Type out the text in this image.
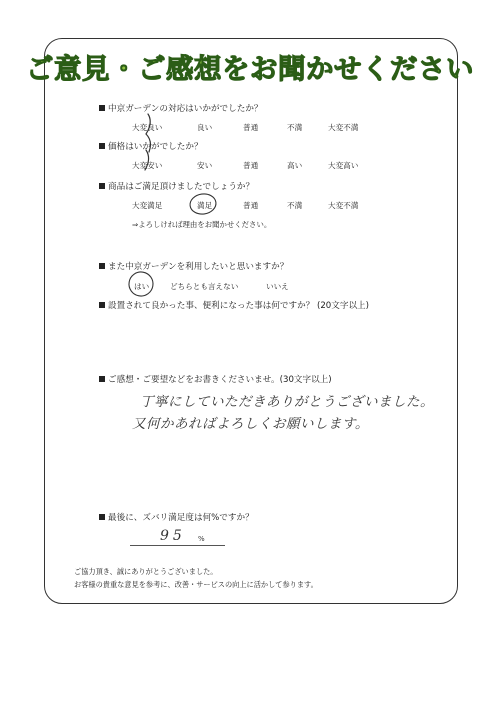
ご意見・ご感想をお聞かせください
中京ガーデンの対応はいかがでしたか？
大変良い	良い	普通	不満	大変不満
価格はいかがでしたか？
大変安い	安い	普通	高い	大変高い
商品はご満足頂けましたでしょうか？
大変満足	満足	普通	不満	大変不満
⇒よろしければ理由をお聞かせください。
また中京ガーデンを利用したいと思いますか？
はい	どちらとも言えない	いいえ
設置されて良かった事、便利になった事は何ですか？ (20文字以上)
ご感想・ご要望などをお書きくださいませ。(30文字以上)
丁寧にしていただきありがとうございました。
又何かあればよろしくお願いします。
最後に、ズバリ満足度は何%ですか？
95 %
ご協力頂き、誠にありがとうございました。
お客様の貴重な意見を参考に、改善・サービスの向上に活かして参ります。
